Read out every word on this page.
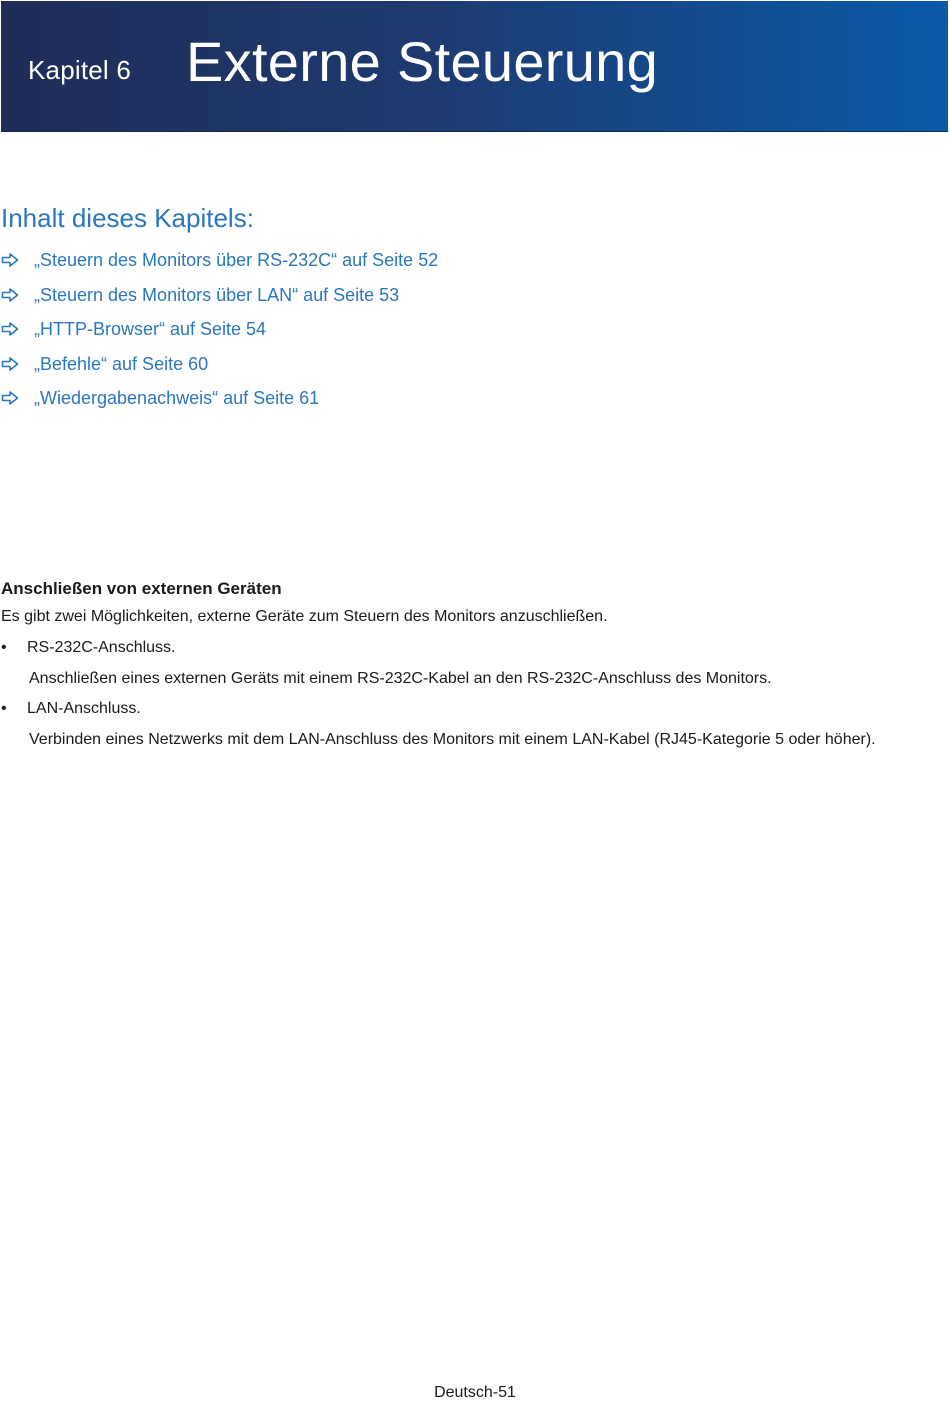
Kapitel 6 Externe Steuerung
Inhalt dieses Kapitels:
„Steuern des Monitors über RS-232C“ auf Seite 52
„Steuern des Monitors über LAN“ auf Seite 53
„HTTP-Browser“ auf Seite 54
„Befehle“ auf Seite 60
„Wiedergabenachweis“ auf Seite 61
Anschließen von externen Geräten
Es gibt zwei Möglichkeiten, externe Geräte zum Steuern des Monitors anzuschließen.
• RS-232C-Anschluss.
Anschließen eines externen Geräts mit einem RS-232C-Kabel an den RS-232C-Anschluss des Monitors.
• LAN-Anschluss.
Verbinden eines Netzwerks mit dem LAN-Anschluss des Monitors mit einem LAN-Kabel (RJ45-Kategorie 5 oder höher).
Deutsch-51
